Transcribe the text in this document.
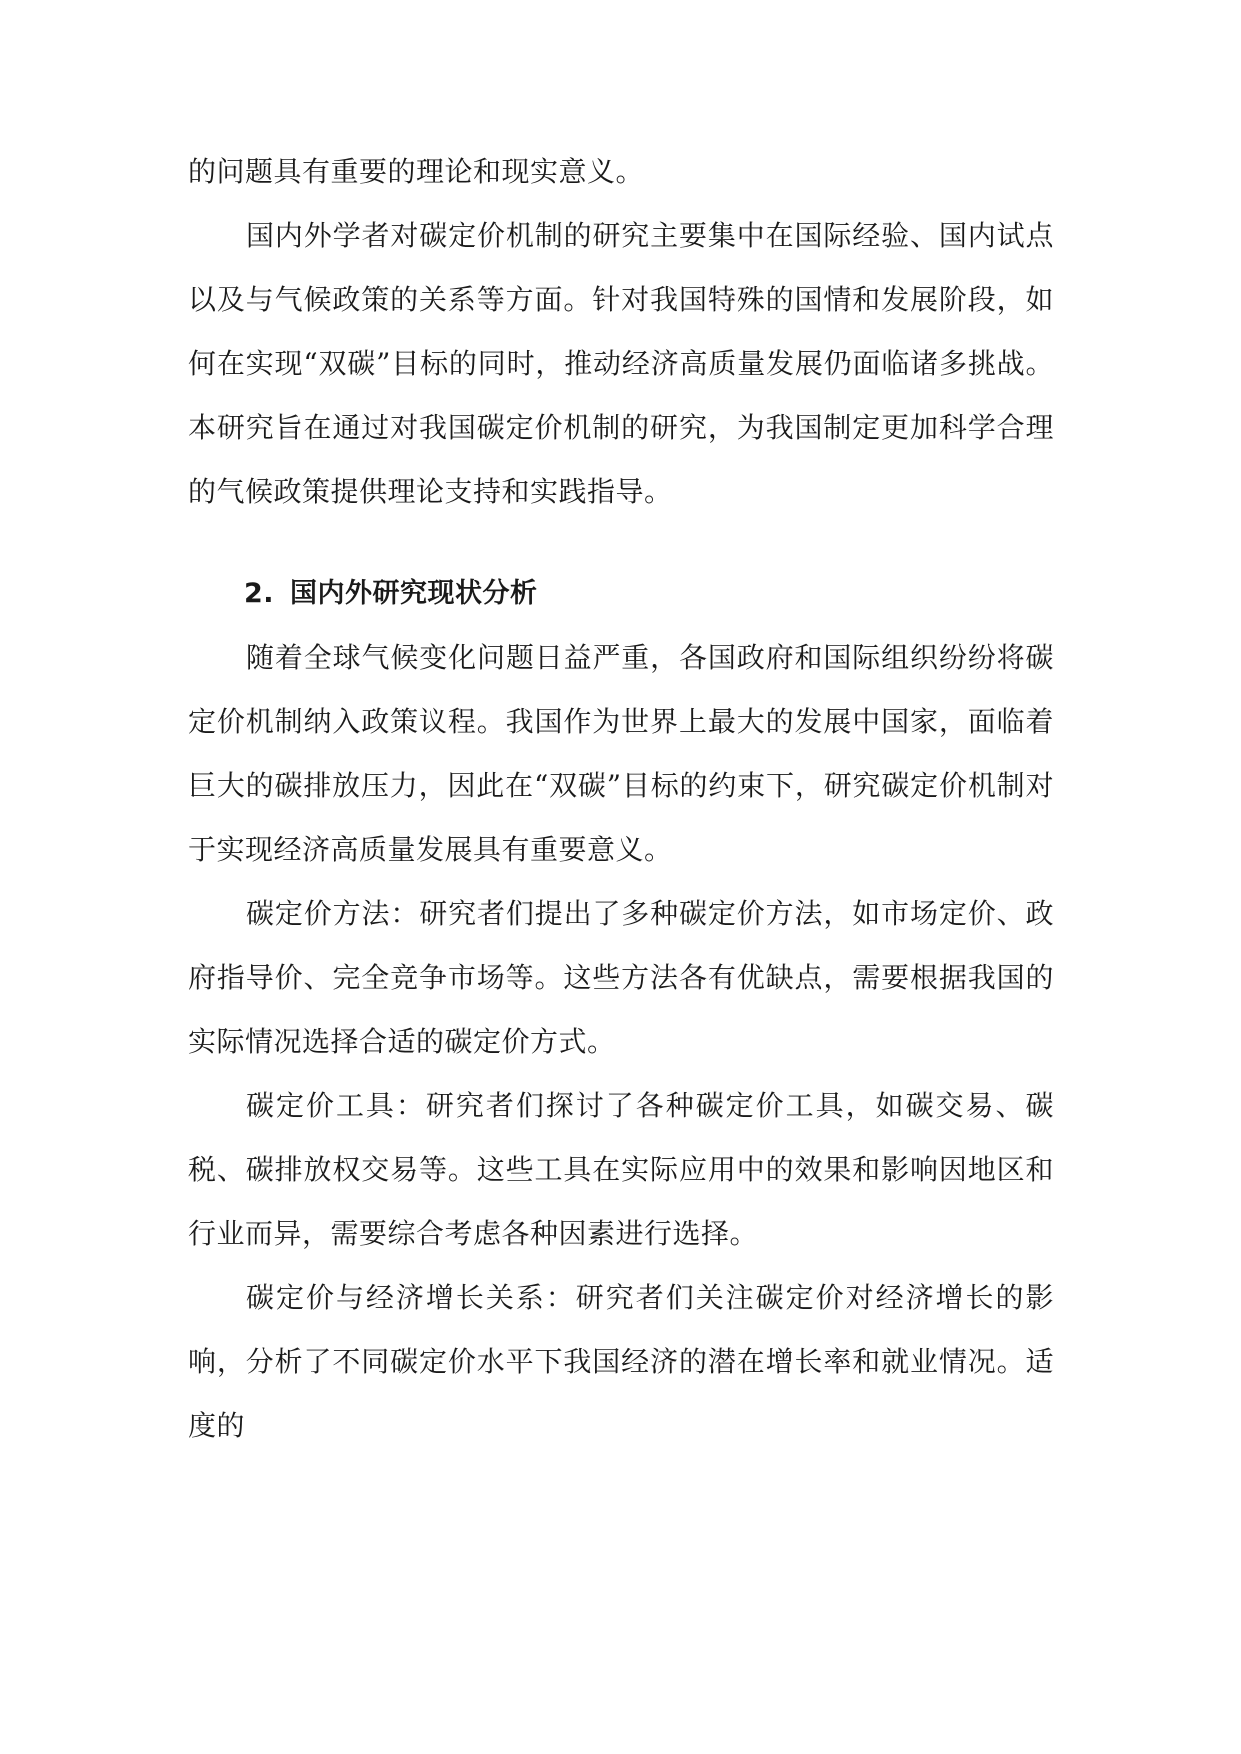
的问题具有重要的理论和现实意义。

国内外学者对碳定价机制的研究主要集中在国际经验、国内试点以及与气候政策的关系等方面。针对我国特殊的国情和发展阶段，如何在实现“双碳”目标的同时，推动经济高质量发展仍面临诸多挑战。本研究旨在通过对我国碳定价机制的研究，为我国制定更加科学合理的气候政策提供理论支持和实践指导。

2. 国内外研究现状分析

随着全球气候变化问题日益严重，各国政府和国际组织纷纷将碳定价机制纳入政策议程。我国作为世界上最大的发展中国家，面临着巨大的碳排放压力，因此在“双碳”目标的约束下，研究碳定价机制对于实现经济高质量发展具有重要意义。

碳定价方法：研究者们提出了多种碳定价方法，如市场定价、政府指导价、完全竞争市场等。这些方法各有优缺点，需要根据我国的实际情况选择合适的碳定价方式。

碳定价工具：研究者们探讨了各种碳定价工具，如碳交易、碳税、碳排放权交易等。这些工具在实际应用中的效果和影响因地区和行业而异，需要综合考虑各种因素进行选择。

碳定价与经济增长关系：研究者们关注碳定价对经济增长的影响，分析了不同碳定价水平下我国经济的潜在增长率和就业情况。适度的
